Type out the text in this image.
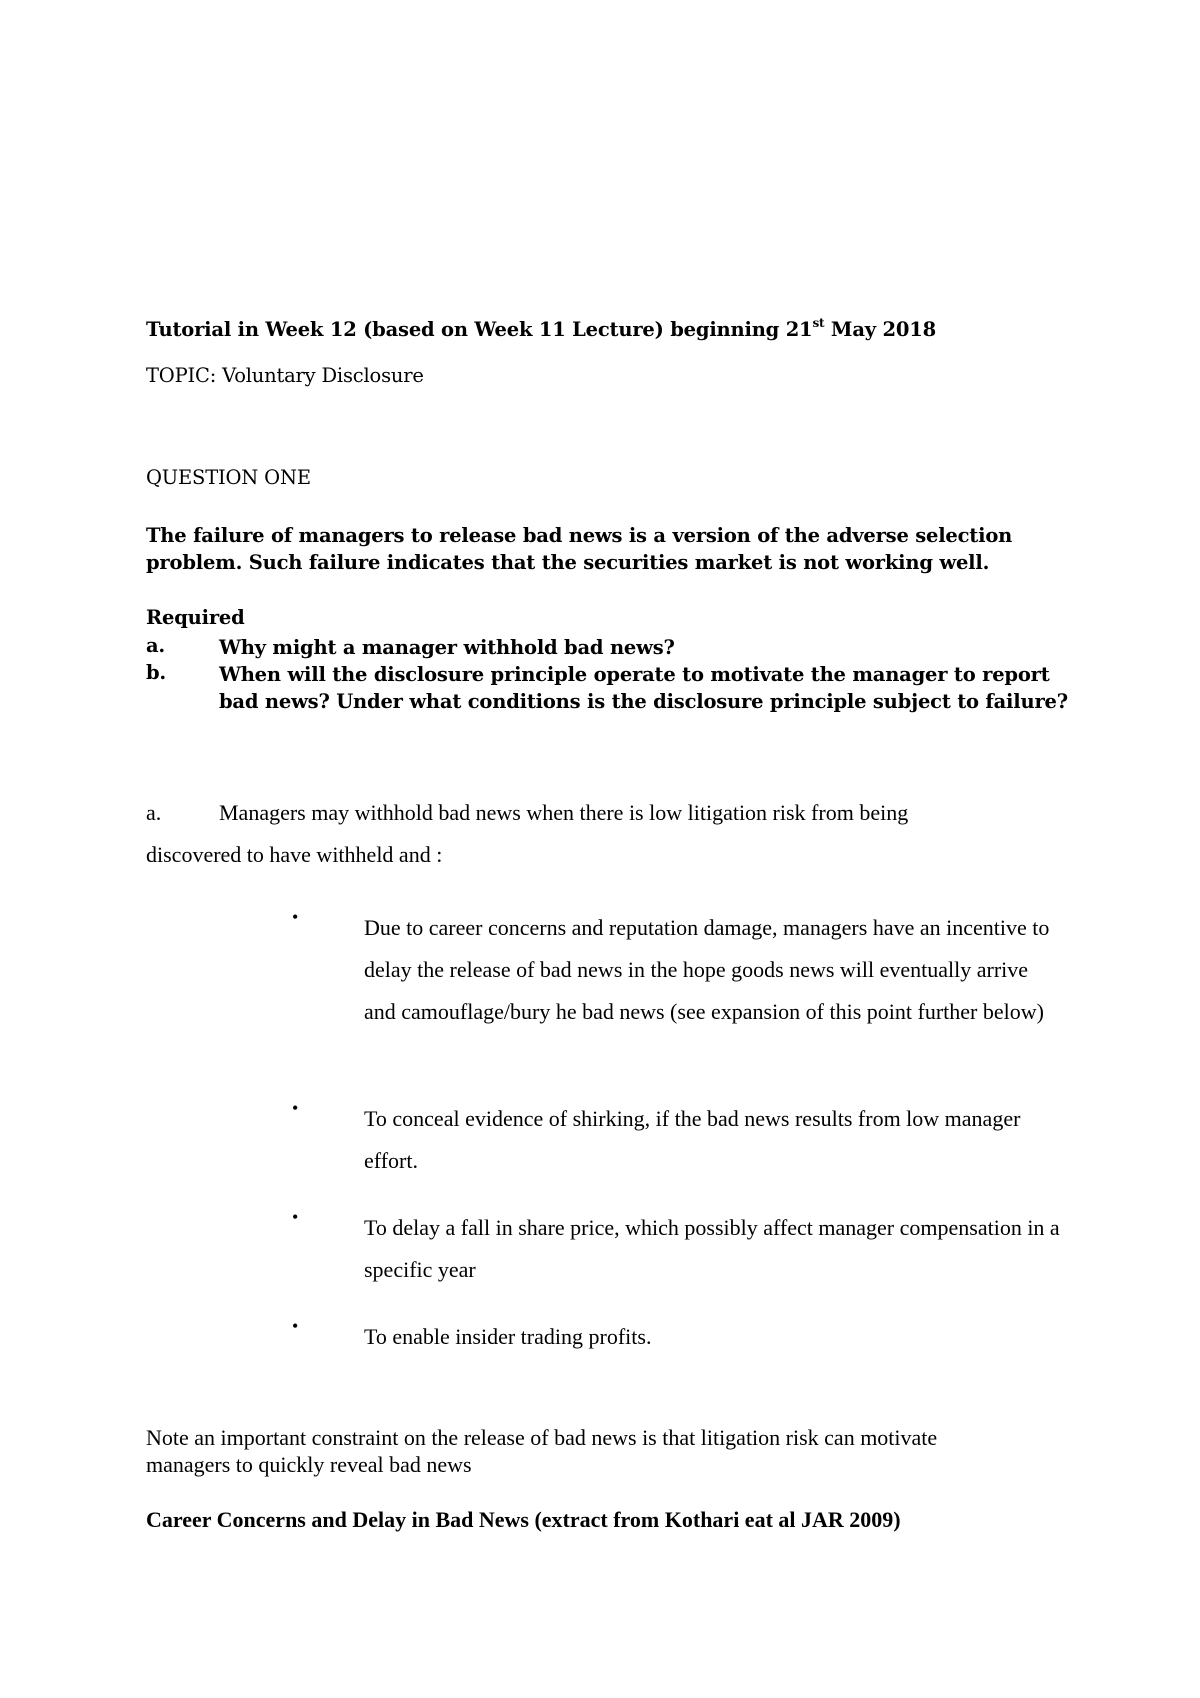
Tutorial in Week 12 (based on Week 11 Lecture) beginning 21st May 2018
TOPIC: Voluntary Disclosure
QUESTION ONE
The failure of managers to release bad news is a version of the adverse selection
problem. Such failure indicates that the securities market is not working well.
Required
a.	Why might a manager withhold bad news?
b.	When will the disclosure principle operate to motivate the manager to report bad news? Under what conditions is the disclosure principle subject to failure?
a.	Managers may withhold bad news when there is low litigation risk from being
discovered to have withheld and :
•	Due to career concerns and reputation damage, managers have an incentive to delay the release of bad news in the hope goods news will eventually arrive and camouflage/bury he bad news (see expansion of this point further below)
•	To conceal evidence of shirking, if the bad news results from low manager effort.
•	To delay a fall in share price, which possibly affect manager compensation in a specific year
•	To enable insider trading profits.
Note an important constraint on the release of bad news is that litigation risk can motivate
managers to quickly reveal bad news
Career Concerns and Delay in Bad News (extract from Kothari eat al JAR 2009)
